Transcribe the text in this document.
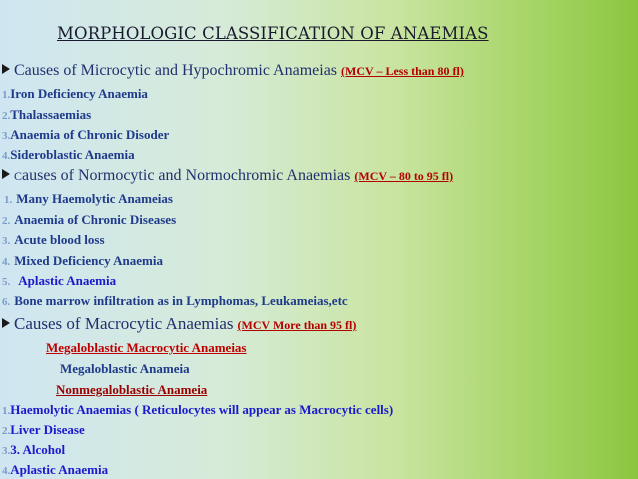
MORPHOLOGIC CLASSIFICATION OF ANAEMIAS
Causes of Microcytic and Hypochromic Anameias (MCV – Less than 80 fl)
1.Iron Deficiency Anaemia
2.Thalassaemias
3.Anaemia of Chronic Disoder
4.Sideroblastic Anaemia
Causes of Normocytic and Normochromic Anaemias (MCV – 80 to 95 fl)
1. Many Haemolytic Anameias
2. Anaemia of Chronic Diseases
3. Acute blood loss
4. Mixed Deficiency Anaemia
5. Aplastic Anaemia
6. Bone marrow infiltration as in Lymphomas, Leukameias,etc
Causes of Macrocytic Anaemias (MCV More than 95 fl)
Megaloblastic Macrocytic Anameias
Megaloblastic Anameia
Nonmegaloblastic Anameia
1.Haemolytic Anaemias ( Reticulocytes will appear as Macrocytic cells)
2.Liver Disease
3.3. Alcohol
4.Aplastic Anaemia
